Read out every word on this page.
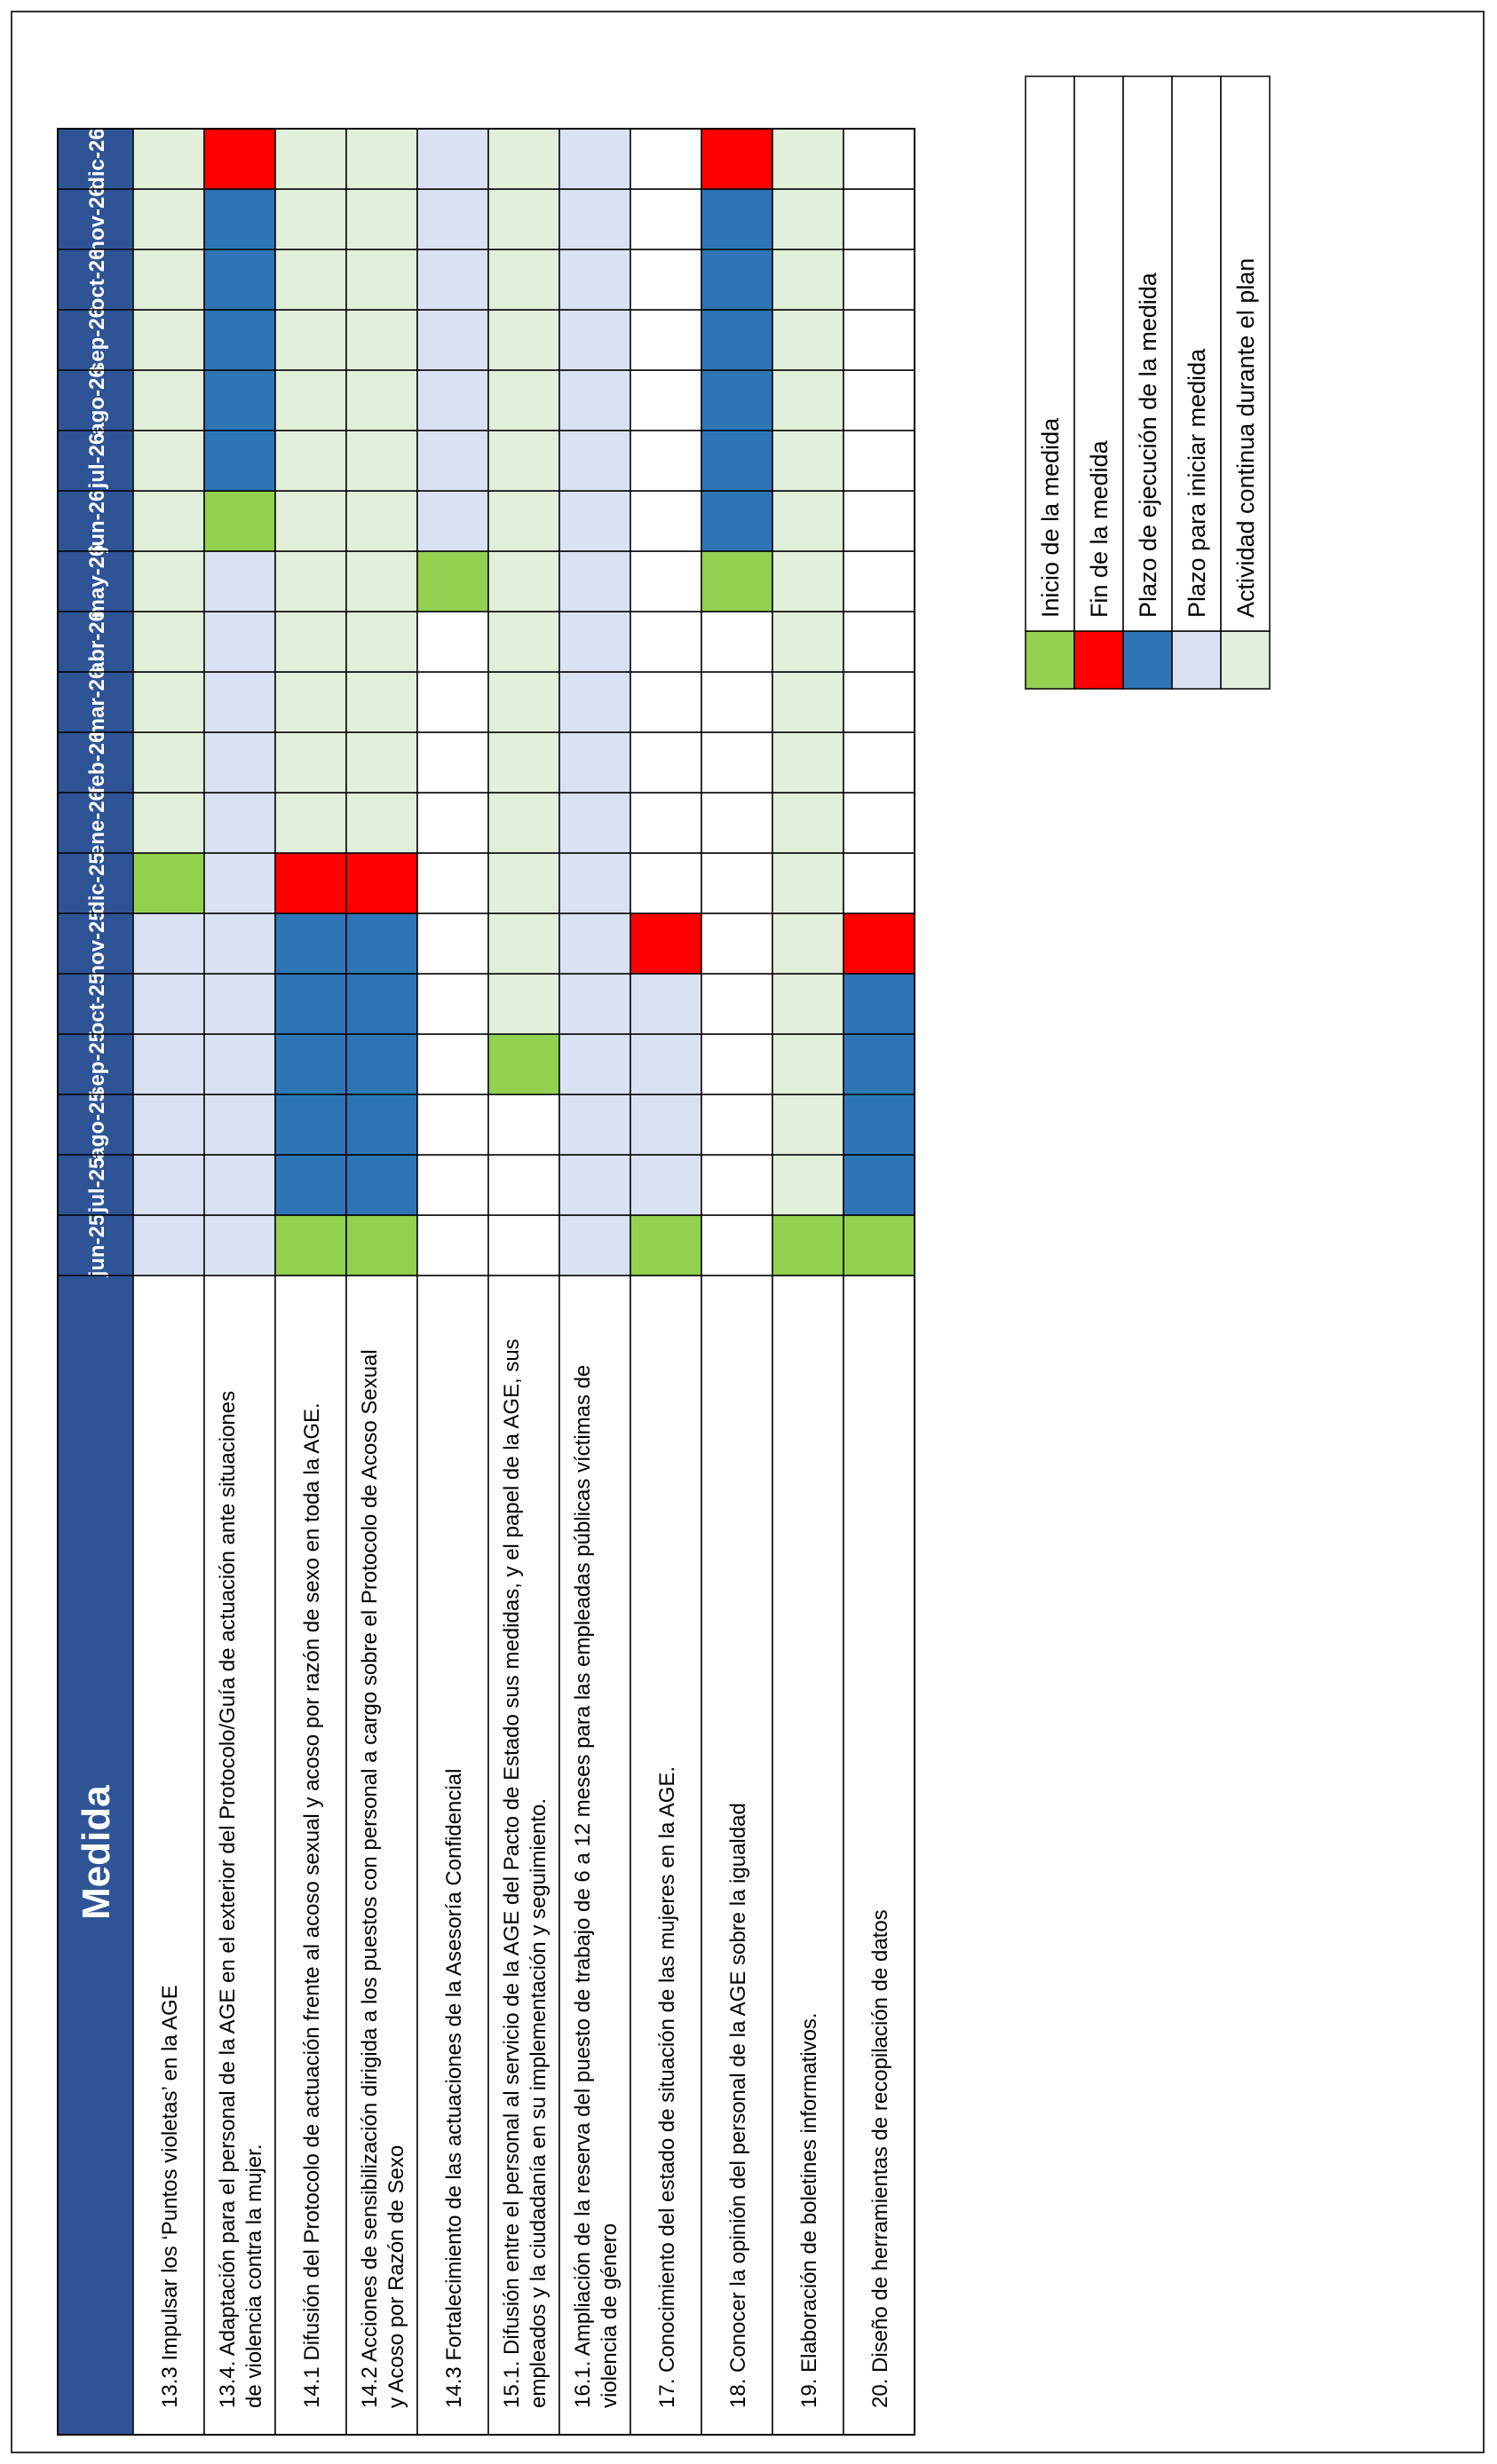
Medida
jun-25
jul-25
ago-25
sep-25
oct-25
nov-25
dic-25
ene-26
feb-26
mar-26
abr-26
may-26
jun-26
jul-26
ago-26
sep-26
oct-26
nov-26
dic-26
13.3 Impulsar los ‘Puntos violetas’ en la AGE 13.4. Adaptación para el personal de la AGE en el exterior del Protocolo/Guía de actuación ante situaciones de violencia contra la mujer. 14.1 Difusión del Protocolo de actuación frente al acoso sexual y acoso por razón de sexo en toda la AGE. 14.2 Acciones de sensibilización dirigida a los puestos con personal a cargo sobre el Protocolo de Acoso Sexual y Acoso por Razón de Sexo 14.3 Fortalecimiento de las actuaciones de la Asesoría Confidencial 15.1. Difusión entre el personal al servicio de la AGE del Pacto de Estado sus medidas, y el papel de la AGE, sus empleados y la ciudadanía en su implementación y seguimiento. 16.1. Ampliación de la reserva del puesto de trabajo de 6 a 12 meses para las empleadas públicas víctimas de violencia de género 17. Conocimiento del estado de situación de las mujeres en la AGE. 18. Conocer la opinión del personal de la AGE sobre la igualdad 19. Elaboración de boletines informativos. 20. Diseño de herramientas de recopilación de datos
Inicio de la medida Fin de la medida Plazo de ejecución de la medida Plazo para iniciar medida Actividad continua durante el plan
